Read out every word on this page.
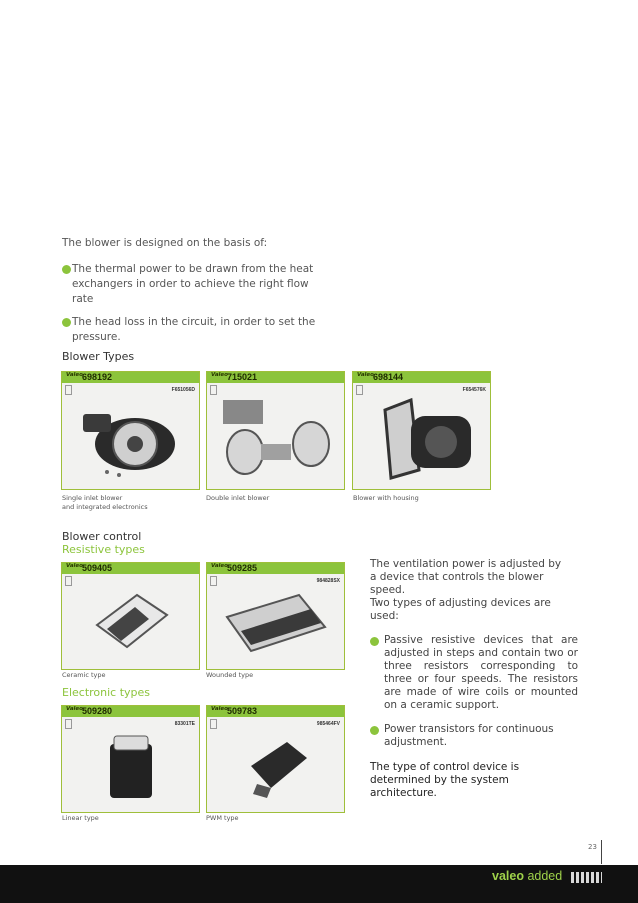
The blower is designed on the basis of:

The thermal power to be drawn from the heat exchangers in order to achieve the right flow rate

The head loss in the circuit, in order to set the pressure.

Blower Types
Valeo 698192
F651056D
Single inlet blower
and integrated electronics
Valeo 715021
Double inlet blower
Valeo 698144
F654576K
Blower with housing
Blower control
Resistive types
Valeo 509405
Ceramic type
Valeo 509285
984828SX
Wounded type
Electronic types
Valeo 509280
83301TE
Linear type
Valeo 509783
985464FV
PWM type

The ventilation power is adjusted by

a device that controls the blower speed.

Two types of adjusting devices are used:

Passive resistive devices that are adjusted in steps and contain two or three resistors corresponding to three or four speeds. The resistors are made of wire coils or mounted on a ceramic support.

Power transistors for continuous adjustment.

The type of control device is determined by the system architecture.

23
valeo added
